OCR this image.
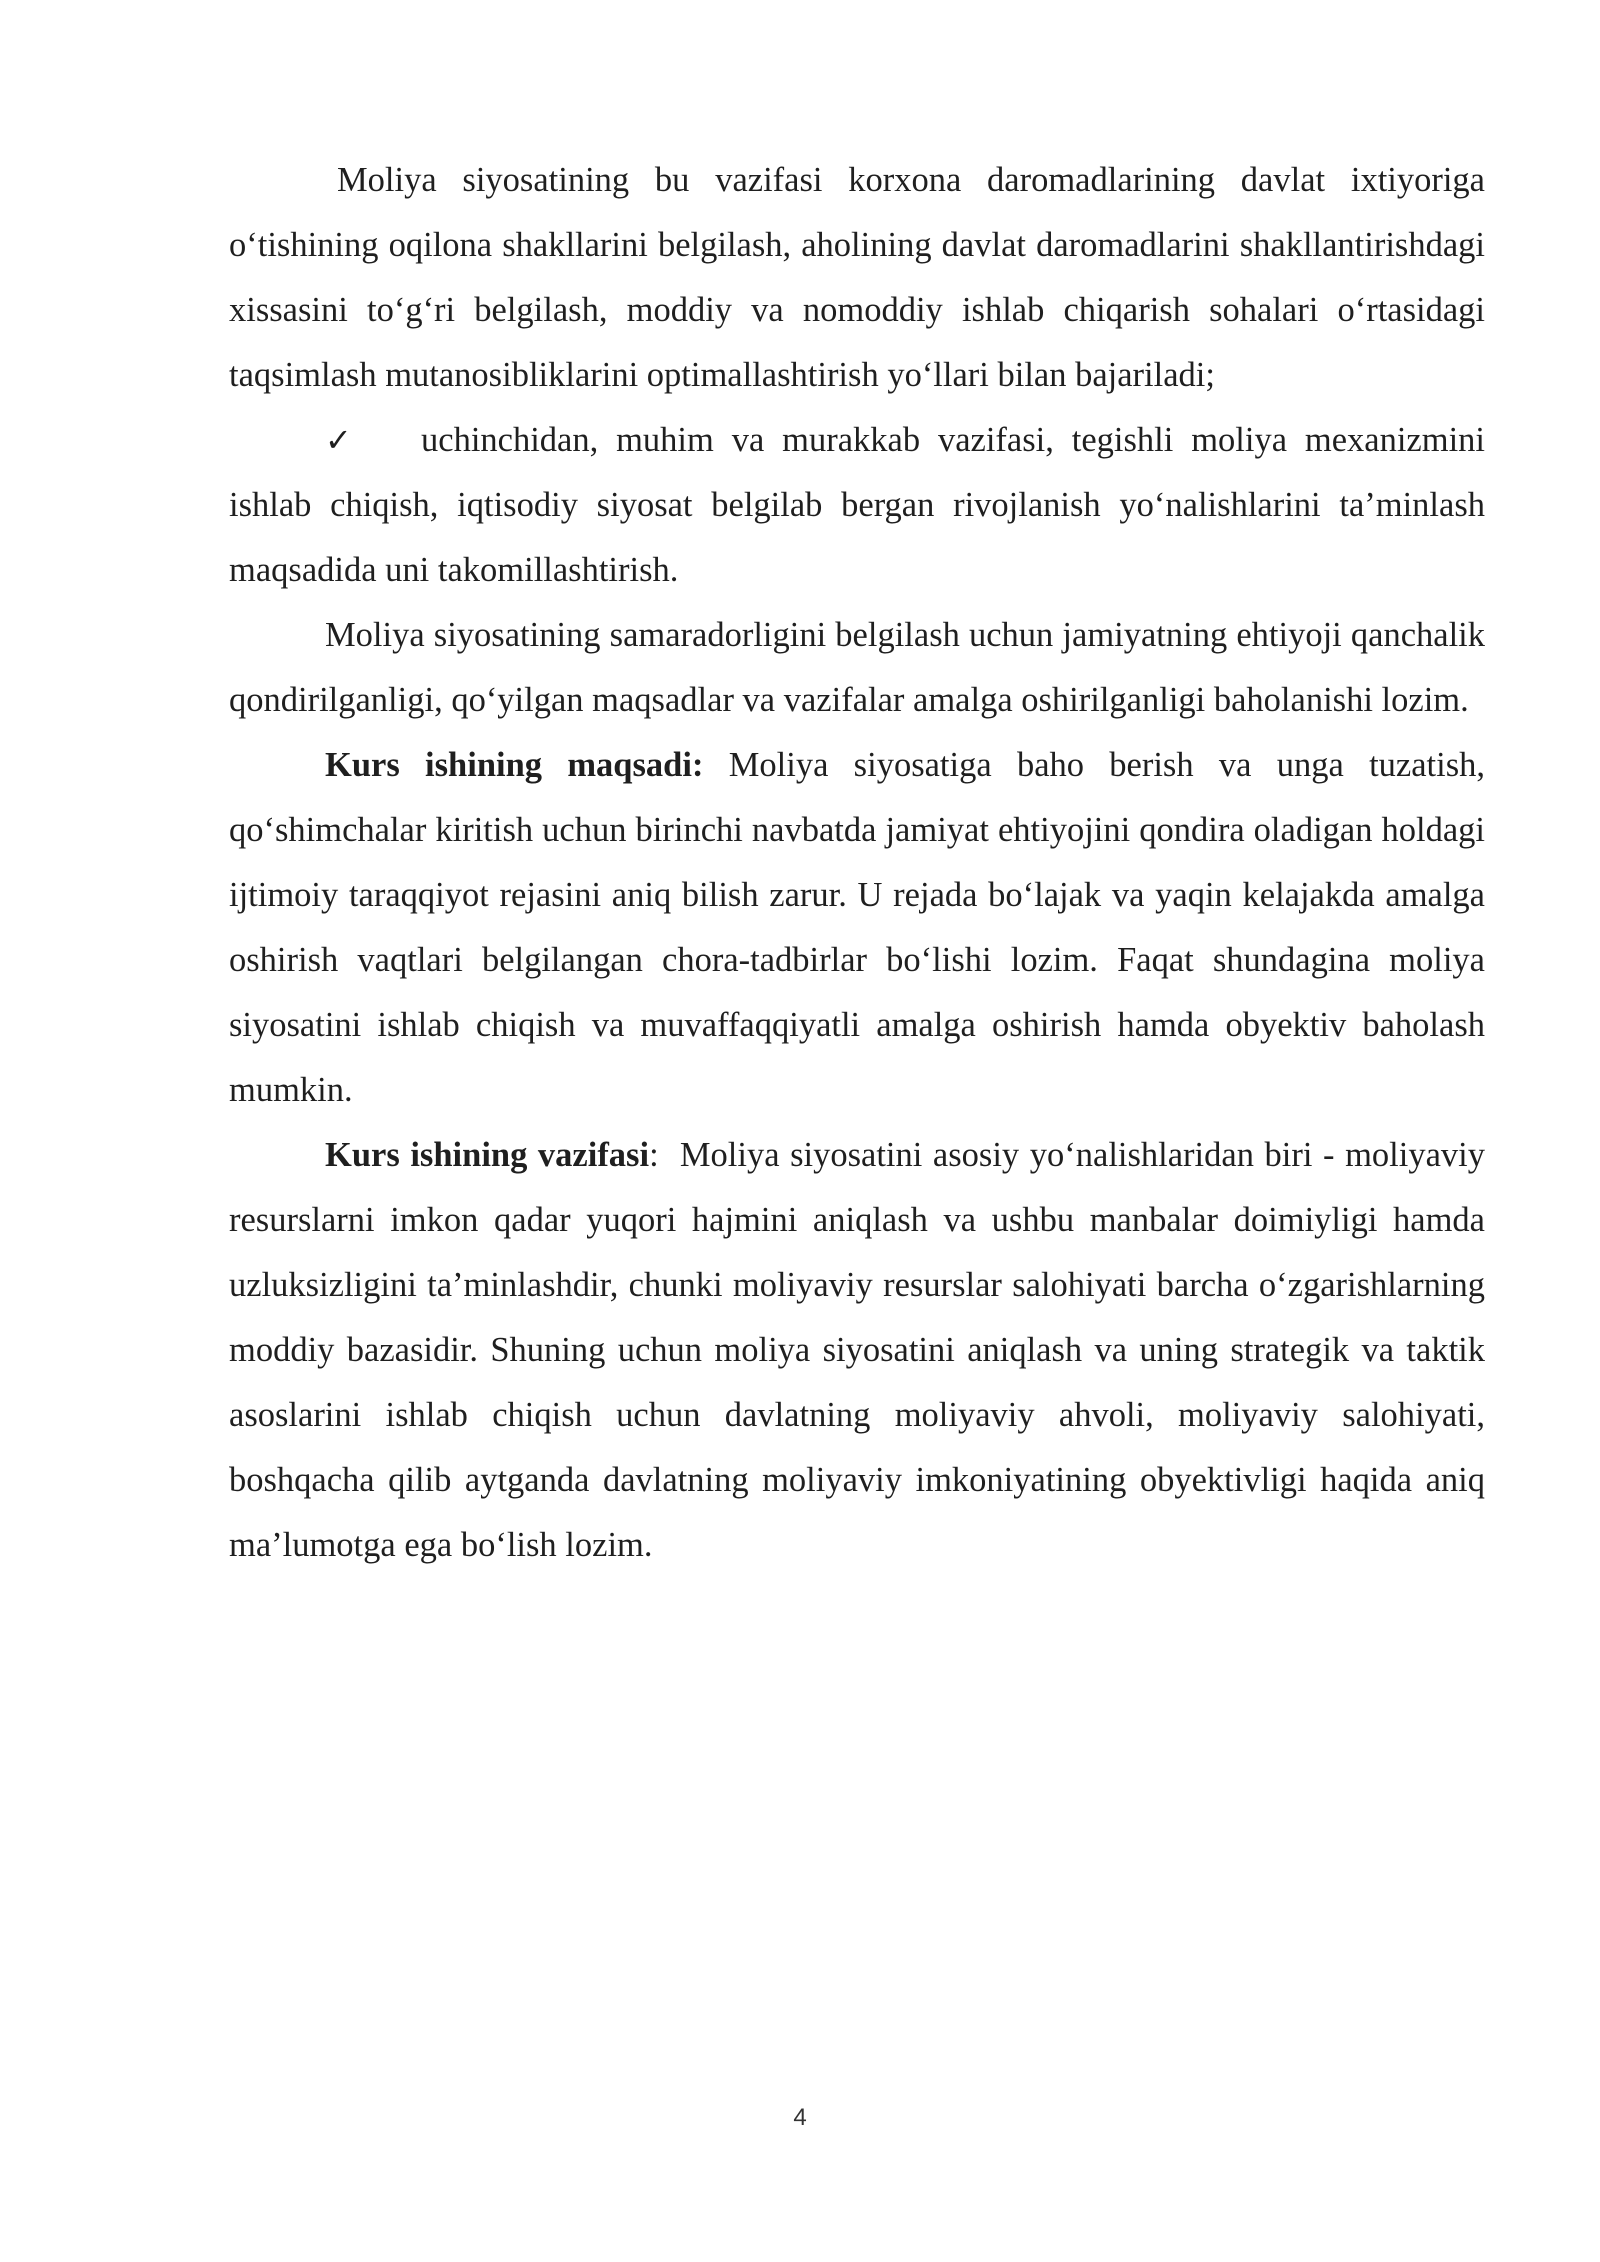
Moliya siyosatining bu vazifasi korxona daromadlarining davlat ixtiyoriga o‘tishining oqilona shakllarini belgilash, aholining davlat daromadlarini shakllantirishdagi xissasini to‘g‘ri belgilash, moddiy va nomoddiy ishlab chiqarish sohalari o‘rtasidagi taqsimlash mutanosibliklarini optimallashtirish yo‘llari bilan bajariladi;

✓ uchinchidan, muhim va murakkab vazifasi, tegishli moliya mexanizmini ishlab chiqish, iqtisodiy siyosat belgilab bergan rivojlanish yo‘nalishlarini ta’minlash maqsadida uni takomillashtirish.

Moliya siyosatining samaradorligini belgilash uchun jamiyatning ehtiyoji qanchalik qondirilganligi, qo‘yilgan maqsadlar va vazifalar amalga oshirilganligi baholanishi lozim.

Kurs ishining maqsadi: Moliya siyosatiga baho berish va unga tuzatish, qo‘shimchalar kiritish uchun birinchi navbatda jamiyat ehtiyojini qondira oladigan holdagi ijtimoiy taraqqiyot rejasini aniq bilish zarur. U rejada bo‘lajak va yaqin kelajakda amalga oshirish vaqtlari belgilangan chora-tadbirlar bo‘lishi lozim. Faqat shundagina moliya siyosatini ishlab chiqish va muvaffaqqiyatli amalga oshirish hamda obyektiv baholash mumkin.

Kurs ishining vazifasi: Moliya siyosatini asosiy yo‘nalishlaridan biri - moliyaviy resurslarni imkon qadar yuqori hajmini aniqlash va ushbu manbalar doimiyligi hamda uzluksizligini ta’minlashdir, chunki moliyaviy resurslar salohiyati barcha o‘zgarishlarning moddiy bazasidir. Shuning uchun moliya siyosatini aniqlash va uning strategik va taktik asoslarini ishlab chiqish uchun davlatning moliyaviy ahvoli, moliyaviy salohiyati, boshqacha qilib aytganda davlatning moliyaviy imkoniyatining obyektivligi haqida aniq ma’lumotga ega bo‘lish lozim.

4
